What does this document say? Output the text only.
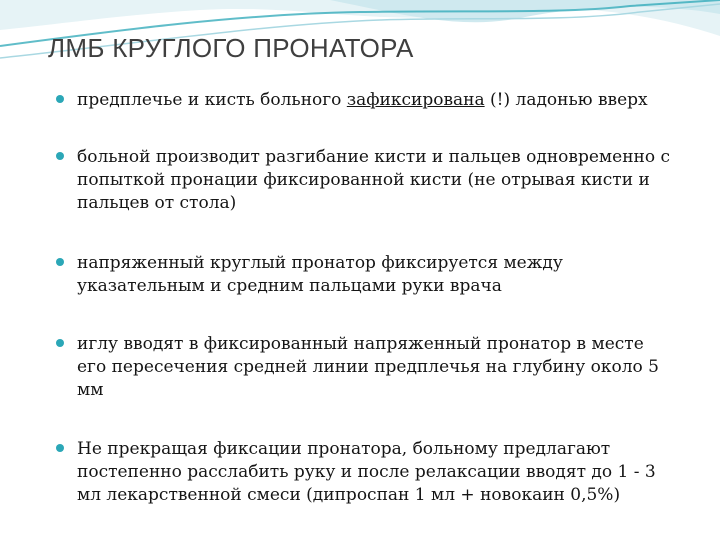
ЛМБ КРУГЛОГО ПРОНАТОРА
предплечье и кисть больного зафиксирована (!) ладонью вверх
больной производит разгибание кисти и пальцев одновременно с
попыткой пронации фиксированной кисти (не отрывая кисти и
пальцев от стола)
напряженный круглый пронатор фиксируется между
указательным и средним пальцами руки врача
иглу вводят в фиксированный напряженный пронатор в месте
его пересечения средней линии предплечья на глубину около 5
мм
Не прекращая фиксации пронатора, больному предлагают
постепенно расслабить руку и после релаксации вводят до 1 - 3
мл лекарственной смеси (дипроспан 1 мл + новокаин 0,5%)
